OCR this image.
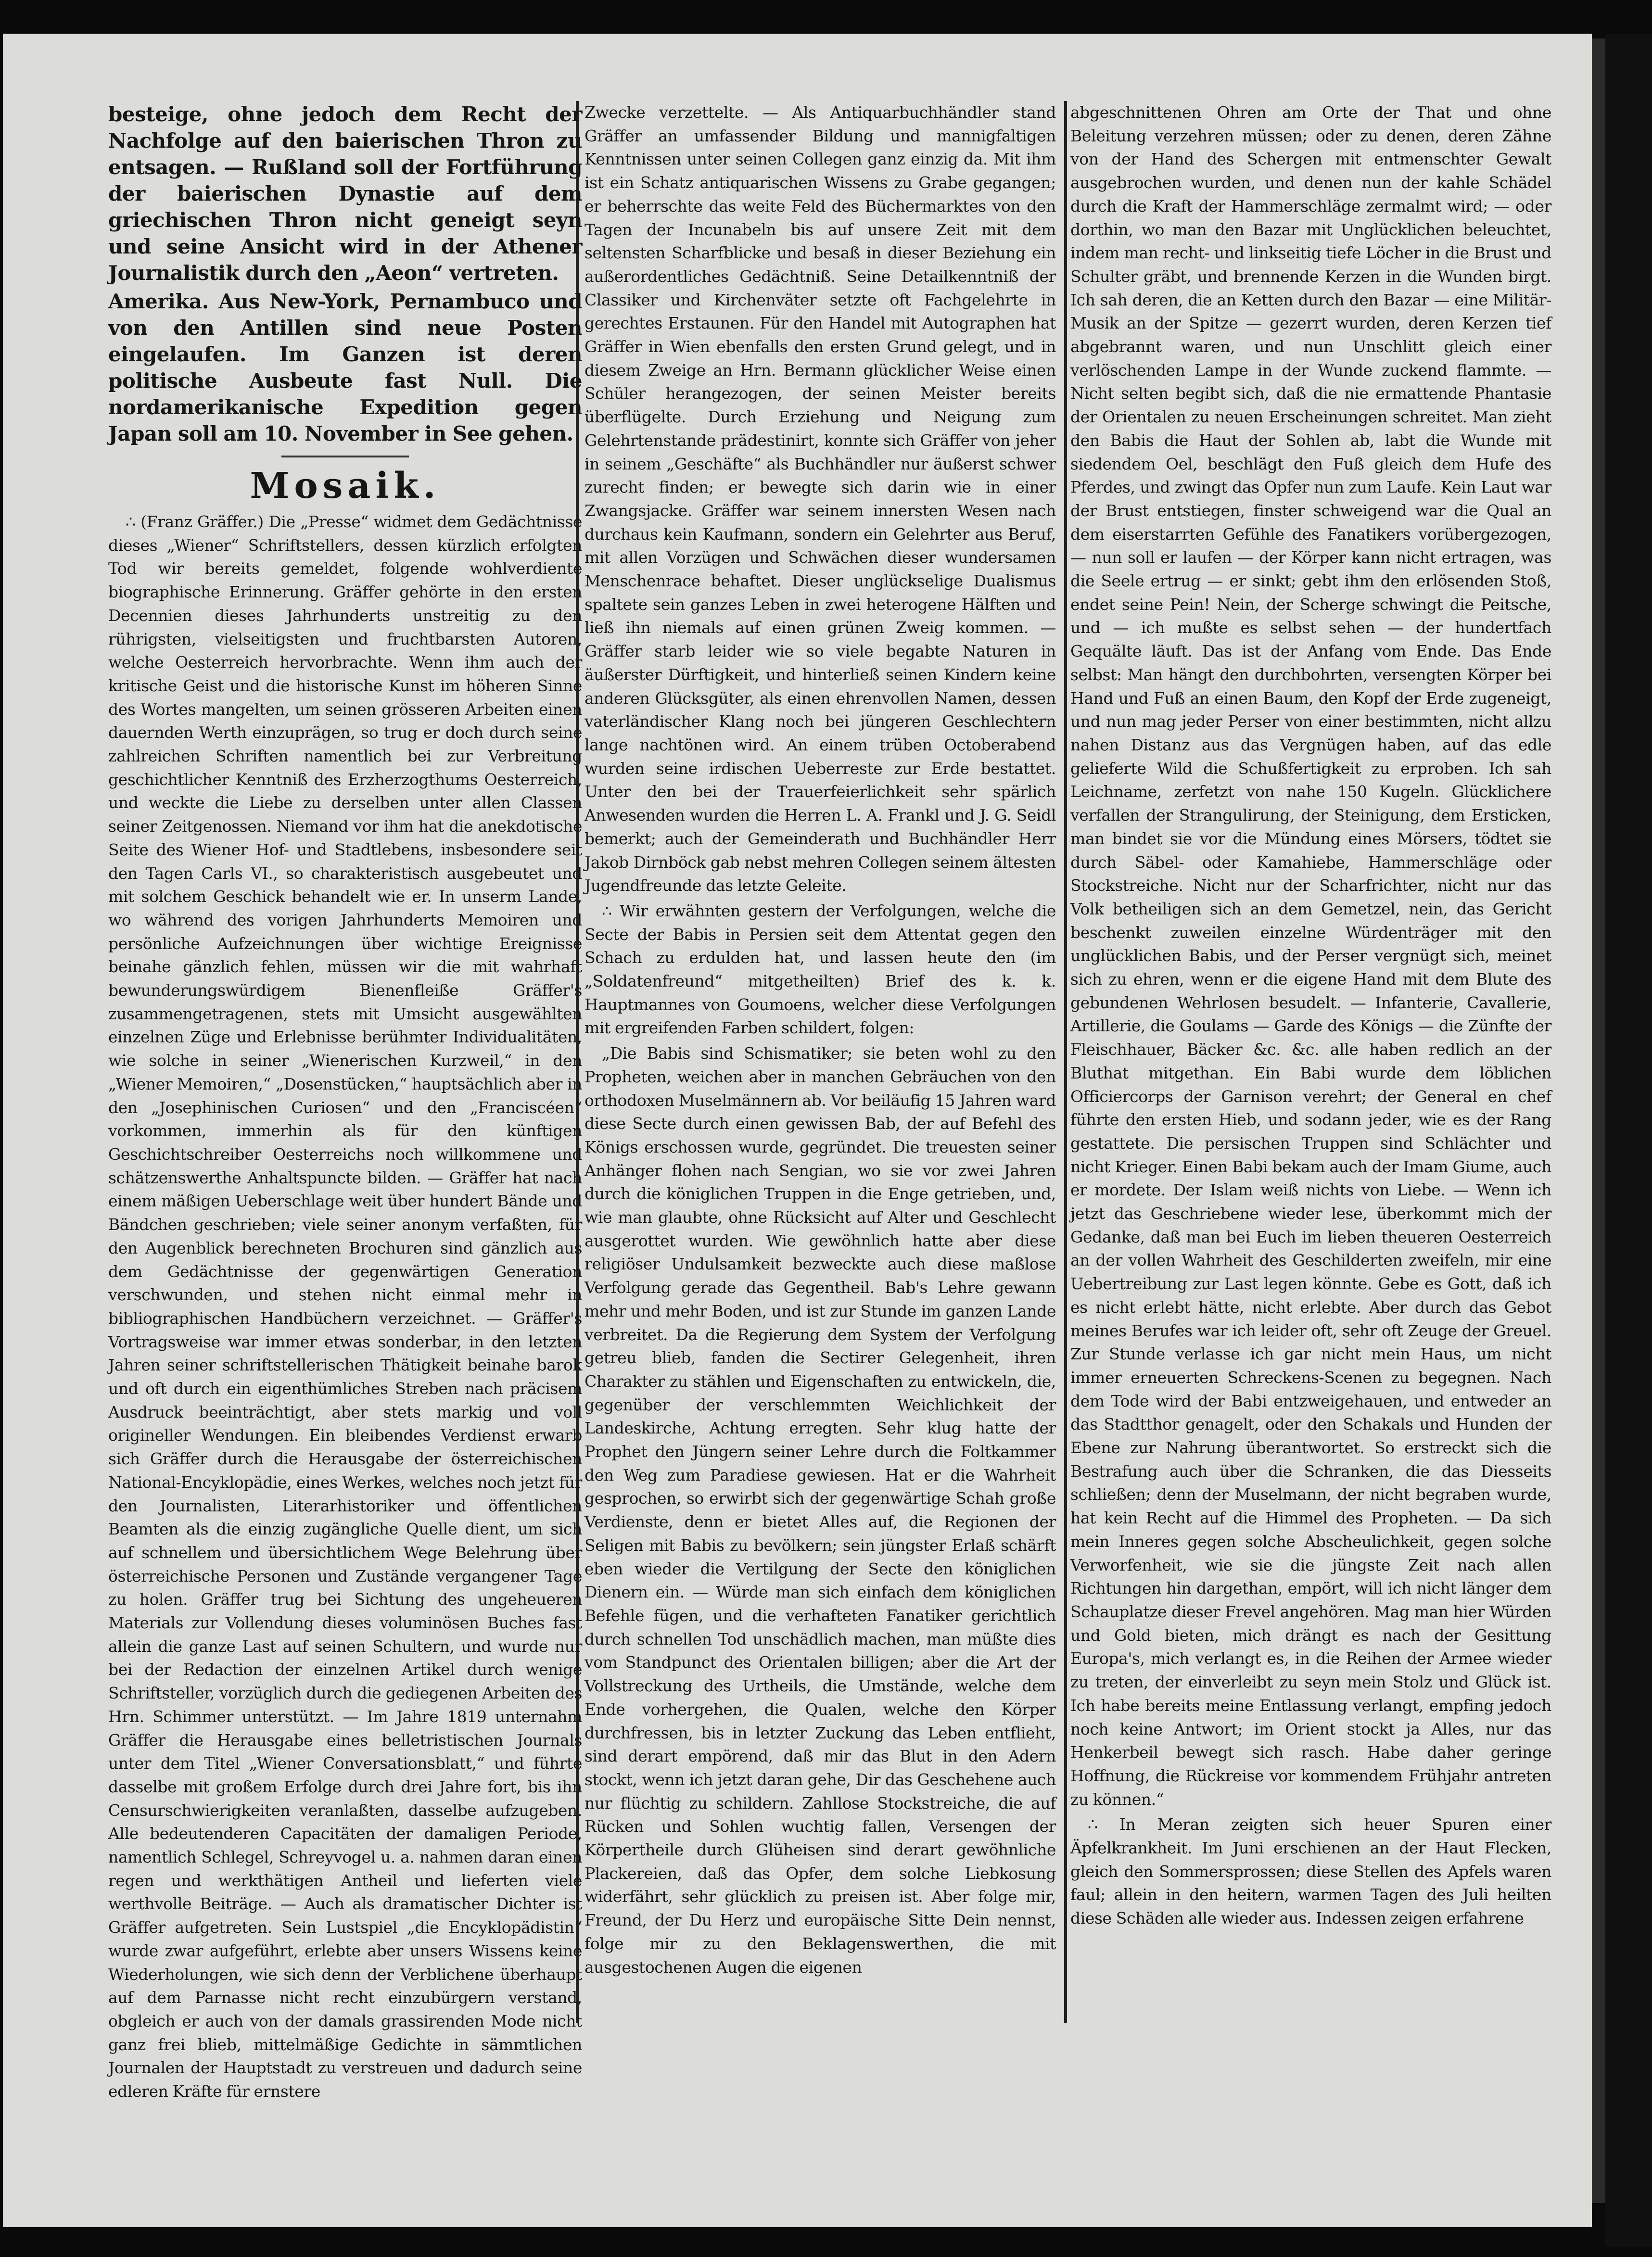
besteige, ohne jedoch dem Recht der Nachfolge auf den baierischen Thron zu entsagen. — Rußland soll der Fortführung der baierischen Dynastie auf dem griechischen Thron nicht geneigt seyn und seine Ansicht wird in der Athener Journalistik durch den „Aeon“ vertreten.

Amerika. Aus New-York, Pernambuco und von den Antillen sind neue Posten eingelaufen. Im Ganzen ist deren politische Ausbeute fast Null. Die nordamerikanische Expedition gegen Japan soll am 10. November in See gehen.

Mosaik.

∴ (Franz Gräffer.) Die „Presse“ widmet dem Gedächtnisse dieses „Wiener“ Schriftstellers, dessen kürzlich erfolgten Tod wir bereits gemeldet, folgende wohlverdiente biographische Erinnerung. Gräffer gehörte in den ersten Decennien dieses Jahrhunderts unstreitig zu den rührigsten, vielseitigsten und fruchtbarsten Autoren, welche Oesterreich hervorbrachte. Wenn ihm auch der kritische Geist und die historische Kunst im höheren Sinne des Wortes mangelten, um seinen grösseren Arbeiten einen dauernden Werth einzuprägen, so trug er doch durch seine zahlreichen Schriften namentlich bei zur Verbreitung geschichtlicher Kenntniß des Erzherzogthums Oesterreich, und weckte die Liebe zu derselben unter allen Classen seiner Zeitgenossen. Niemand vor ihm hat die anekdotische Seite des Wiener Hof- und Stadtlebens, insbesondere seit den Tagen Carls VI., so charakteristisch ausgebeutet und mit solchem Geschick behandelt wie er. In unserm Lande, wo während des vorigen Jahrhunderts Memoiren und persönliche Aufzeichnungen über wichtige Ereignisse beinahe gänzlich fehlen, müssen wir die mit wahrhaft bewunderungswürdigem Bienenfleiße Gräffer's zusammengetragenen, stets mit Umsicht ausgewählten einzelnen Züge und Erlebnisse berühmter Individualitäten, wie solche in seiner „Wienerischen Kurzweil,“ in den „Wiener Memoiren,“ „Dosenstücken,“ hauptsächlich aber in den „Josephinischen Curiosen“ und den „Franciscéen“ vorkommen, immerhin als für den künftigen Geschichtschreiber Oesterreichs noch willkommene und schätzenswerthe Anhaltspuncte bilden. — Gräffer hat nach einem mäßigen Ueberschlage weit über hundert Bände und Bändchen geschrieben; viele seiner anonym verfaßten, für den Augenblick berechneten Brochuren sind gänzlich aus dem Gedächtnisse der gegenwärtigen Generation verschwunden, und stehen nicht einmal mehr in bibliographischen Handbüchern verzeichnet. — Gräffer's Vortragsweise war immer etwas sonderbar, in den letzten Jahren seiner schriftstellerischen Thätigkeit beinahe barok und oft durch ein eigenthümliches Streben nach präcisem Ausdruck beeinträchtigt, aber stets markig und voll origineller Wendungen. Ein bleibendes Verdienst erwarb sich Gräffer durch die Herausgabe der österreichischen National-Encyklopädie, eines Werkes, welches noch jetzt für den Journalisten, Literarhistoriker und öffentlichen Beamten als die einzig zugängliche Quelle dient, um sich auf schnellem und übersichtlichem Wege Belehrung über österreichische Personen und Zustände vergangener Tage zu holen. Gräffer trug bei Sichtung des ungeheueren Materials zur Vollendung dieses voluminösen Buches fast allein die ganze Last auf seinen Schultern, und wurde nur bei der Redaction der einzelnen Artikel durch wenige Schriftsteller, vorzüglich durch die gediegenen Arbeiten des Hrn. Schimmer unterstützt. — Im Jahre 1819 unternahm Gräffer die Herausgabe eines belletristischen Journals unter dem Titel „Wiener Conversationsblatt,“ und führte dasselbe mit großem Erfolge durch drei Jahre fort, bis ihn Censurschwierigkeiten veranlaßten, dasselbe aufzugeben. Alle bedeutenderen Capacitäten der damaligen Periode, namentlich Schlegel, Schreyvogel u. a. nahmen daran einen regen und werkthätigen Antheil und lieferten viele werthvolle Beiträge. — Auch als dramatischer Dichter ist Gräffer aufgetreten. Sein Lustspiel „die Encyklopädistin“ wurde zwar aufgeführt, erlebte aber unsers Wissens keine Wiederholungen, wie sich denn der Verblichene überhaupt auf dem Parnasse nicht recht einzubürgern verstand, obgleich er auch von der damals grassirenden Mode nicht ganz frei blieb, mittelmäßige Gedichte in sämmtlichen Journalen der Hauptstadt zu verstreuen und dadurch seine edleren Kräfte für ernstere

Zwecke verzettelte. — Als Antiquarbuchhändler stand Gräffer an umfassender Bildung und mannigfaltigen Kenntnissen unter seinen Collegen ganz einzig da. Mit ihm ist ein Schatz antiquarischen Wissens zu Grabe gegangen; er beherrschte das weite Feld des Büchermarktes von den Tagen der Incunabeln bis auf unsere Zeit mit dem seltensten Scharfblicke und besaß in dieser Beziehung ein außerordentliches Gedächtniß. Seine Detailkenntniß der Classiker und Kirchenväter setzte oft Fachgelehrte in gerechtes Erstaunen. Für den Handel mit Autographen hat Gräffer in Wien ebenfalls den ersten Grund gelegt, und in diesem Zweige an Hrn. Bermann glücklicher Weise einen Schüler herangezogen, der seinen Meister bereits überflügelte. Durch Erziehung und Neigung zum Gelehrtenstande prädestinirt, konnte sich Gräffer von jeher in seinem „Geschäfte“ als Buchhändler nur äußerst schwer zurecht finden; er bewegte sich darin wie in einer Zwangsjacke. Gräffer war seinem innersten Wesen nach durchaus kein Kaufmann, sondern ein Gelehrter aus Beruf, mit allen Vorzügen und Schwächen dieser wundersamen Menschenrace behaftet. Dieser unglückselige Dualismus spaltete sein ganzes Leben in zwei heterogene Hälften und ließ ihn niemals auf einen grünen Zweig kommen. — Gräffer starb leider wie so viele begabte Naturen in äußerster Dürftigkeit, und hinterließ seinen Kindern keine anderen Glücksgüter, als einen ehrenvollen Namen, dessen vaterländischer Klang noch bei jüngeren Geschlechtern lange nachtönen wird. An einem trüben Octoberabend wurden seine irdischen Ueberreste zur Erde bestattet. Unter den bei der Trauerfeierlichkeit sehr spärlich Anwesenden wurden die Herren L. A. Frankl und J. G. Seidl bemerkt; auch der Gemeinderath und Buchhändler Herr Jakob Dirnböck gab nebst mehren Collegen seinem ältesten Jugendfreunde das letzte Geleite.

∴ Wir erwähnten gestern der Verfolgungen, welche die Secte der Babis in Persien seit dem Attentat gegen den Schach zu erdulden hat, und lassen heute den (im „Soldatenfreund“ mitgetheilten) Brief des k. k. Hauptmannes von Goumoens, welcher diese Verfolgungen mit ergreifenden Farben schildert, folgen:

„Die Babis sind Schismatiker; sie beten wohl zu den Propheten, weichen aber in manchen Gebräuchen von den orthodoxen Muselmännern ab. Vor beiläufig 15 Jahren ward diese Secte durch einen gewissen Bab, der auf Befehl des Königs erschossen wurde, gegründet. Die treuesten seiner Anhänger flohen nach Sengian, wo sie vor zwei Jahren durch die königlichen Truppen in die Enge getrieben, und, wie man glaubte, ohne Rücksicht auf Alter und Geschlecht ausgerottet wurden. Wie gewöhnlich hatte aber diese religiöser Undulsamkeit bezweckte auch diese maßlose Verfolgung gerade das Gegentheil. Bab's Lehre gewann mehr und mehr Boden, und ist zur Stunde im ganzen Lande verbreitet. Da die Regierung dem System der Verfolgung getreu blieb, fanden die Sectirer Gelegenheit, ihren Charakter zu stählen und Eigenschaften zu entwickeln, die, gegenüber der verschlemmten Weichlichkeit der Landeskirche, Achtung erregten. Sehr klug hatte der Prophet den Jüngern seiner Lehre durch die Foltkammer den Weg zum Paradiese gewiesen. Hat er die Wahrheit gesprochen, so erwirbt sich der gegenwärtige Schah große Verdienste, denn er bietet Alles auf, die Regionen der Seligen mit Babis zu bevölkern; sein jüngster Erlaß schärft eben wieder die Vertilgung der Secte den königlichen Dienern ein. — Würde man sich einfach dem königlichen Befehle fügen, und die verhafteten Fanatiker gerichtlich durch schnellen Tod unschädlich machen, man müßte dies vom Standpunct des Orientalen billigen; aber die Art der Vollstreckung des Urtheils, die Umstände, welche dem Ende vorhergehen, die Qualen, welche den Körper durchfressen, bis in letzter Zuckung das Leben entflieht, sind derart empörend, daß mir das Blut in den Adern stockt, wenn ich jetzt daran gehe, Dir das Geschehene auch nur flüchtig zu schildern. Zahllose Stockstreiche, die auf Rücken und Sohlen wuchtig fallen, Versengen der Körpertheile durch Glüheisen sind derart gewöhnliche Plackereien, daß das Opfer, dem solche Liebkosung widerfährt, sehr glücklich zu preisen ist. Aber folge mir, Freund, der Du Herz und europäische Sitte Dein nennst, folge mir zu den Beklagenswerthen, die mit ausgestochenen Augen die eigenen

abgeschnittenen Ohren am Orte der That und ohne Beleitung verzehren müssen; oder zu denen, deren Zähne von der Hand des Schergen mit entmenschter Gewalt ausgebrochen wurden, und denen nun der kahle Schädel durch die Kraft der Hammerschläge zermalmt wird; — oder dorthin, wo man den Bazar mit Unglücklichen beleuchtet, indem man recht- und linkseitig tiefe Löcher in die Brust und Schulter gräbt, und brennende Kerzen in die Wunden birgt. Ich sah deren, die an Ketten durch den Bazar — eine Militär-Musik an der Spitze — gezerrt wurden, deren Kerzen tief abgebrannt waren, und nun Unschlitt gleich einer verlöschenden Lampe in der Wunde zuckend flammte. — Nicht selten begibt sich, daß die nie ermattende Phantasie der Orientalen zu neuen Erscheinungen schreitet. Man zieht den Babis die Haut der Sohlen ab, labt die Wunde mit siedendem Oel, beschlägt den Fuß gleich dem Hufe des Pferdes, und zwingt das Opfer nun zum Laufe. Kein Laut war der Brust entstiegen, finster schweigend war die Qual an dem eiserstarrten Gefühle des Fanatikers vorübergezogen, — nun soll er laufen — der Körper kann nicht ertragen, was die Seele ertrug — er sinkt; gebt ihm den erlösenden Stoß, endet seine Pein! Nein, der Scherge schwingt die Peitsche, und — ich mußte es selbst sehen — der hundertfach Gequälte läuft. Das ist der Anfang vom Ende. Das Ende selbst: Man hängt den durchbohrten, versengten Körper bei Hand und Fuß an einen Baum, den Kopf der Erde zugeneigt, und nun mag jeder Perser von einer bestimmten, nicht allzu nahen Distanz aus das Vergnügen haben, auf das edle gelieferte Wild die Schußfertigkeit zu erproben. Ich sah Leichname, zerfetzt von nahe 150 Kugeln. Glücklichere verfallen der Strangulirung, der Steinigung, dem Ersticken, man bindet sie vor die Mündung eines Mörsers, tödtet sie durch Säbel- oder Kamahiebe, Hammerschläge oder Stockstreiche. Nicht nur der Scharfrichter, nicht nur das Volk betheiligen sich an dem Gemetzel, nein, das Gericht beschenkt zuweilen einzelne Würdenträger mit den unglücklichen Babis, und der Perser vergnügt sich, meinet sich zu ehren, wenn er die eigene Hand mit dem Blute des gebundenen Wehrlosen besudelt. — Infanterie, Cavallerie, Artillerie, die Goulams — Garde des Königs — die Zünfte der Fleischhauer, Bäcker &c. &c. alle haben redlich an der Bluthat mitgethan. Ein Babi wurde dem löblichen Officiercorps der Garnison verehrt; der General en chef führte den ersten Hieb, und sodann jeder, wie es der Rang gestattete. Die persischen Truppen sind Schlächter und nicht Krieger. Einen Babi bekam auch der Imam Giume, auch er mordete. Der Islam weiß nichts von Liebe. — Wenn ich jetzt das Geschriebene wieder lese, überkommt mich der Gedanke, daß man bei Euch im lieben theueren Oesterreich an der vollen Wahrheit des Geschilderten zweifeln, mir eine Uebertreibung zur Last legen könnte. Gebe es Gott, daß ich es nicht erlebt hätte, nicht erlebte. Aber durch das Gebot meines Berufes war ich leider oft, sehr oft Zeuge der Greuel. Zur Stunde verlasse ich gar nicht mein Haus, um nicht immer erneuerten Schreckens-Scenen zu begegnen. Nach dem Tode wird der Babi entzweigehauen, und entweder an das Stadtthor genagelt, oder den Schakals und Hunden der Ebene zur Nahrung überantwortet. So erstreckt sich die Bestrafung auch über die Schranken, die das Diesseits schließen; denn der Muselmann, der nicht begraben wurde, hat kein Recht auf die Himmel des Propheten. — Da sich mein Inneres gegen solche Abscheulichkeit, gegen solche Verworfenheit, wie sie die jüngste Zeit nach allen Richtungen hin dargethan, empört, will ich nicht länger dem Schauplatze dieser Frevel angehören. Mag man hier Würden und Gold bieten, mich drängt es nach der Gesittung Europa's, mich verlangt es, in die Reihen der Armee wieder zu treten, der einverleibt zu seyn mein Stolz und Glück ist. Ich habe bereits meine Entlassung verlangt, empfing jedoch noch keine Antwort; im Orient stockt ja Alles, nur das Henkerbeil bewegt sich rasch. Habe daher geringe Hoffnung, die Rückreise vor kommendem Frühjahr antreten zu können.“

∴ In Meran zeigten sich heuer Spuren einer Äpfelkrankheit. Im Juni erschienen an der Haut Flecken, gleich den Sommersprossen; diese Stellen des Apfels waren faul; allein in den heitern, warmen Tagen des Juli heilten diese Schäden alle wieder aus. Indessen zeigen erfahrene
